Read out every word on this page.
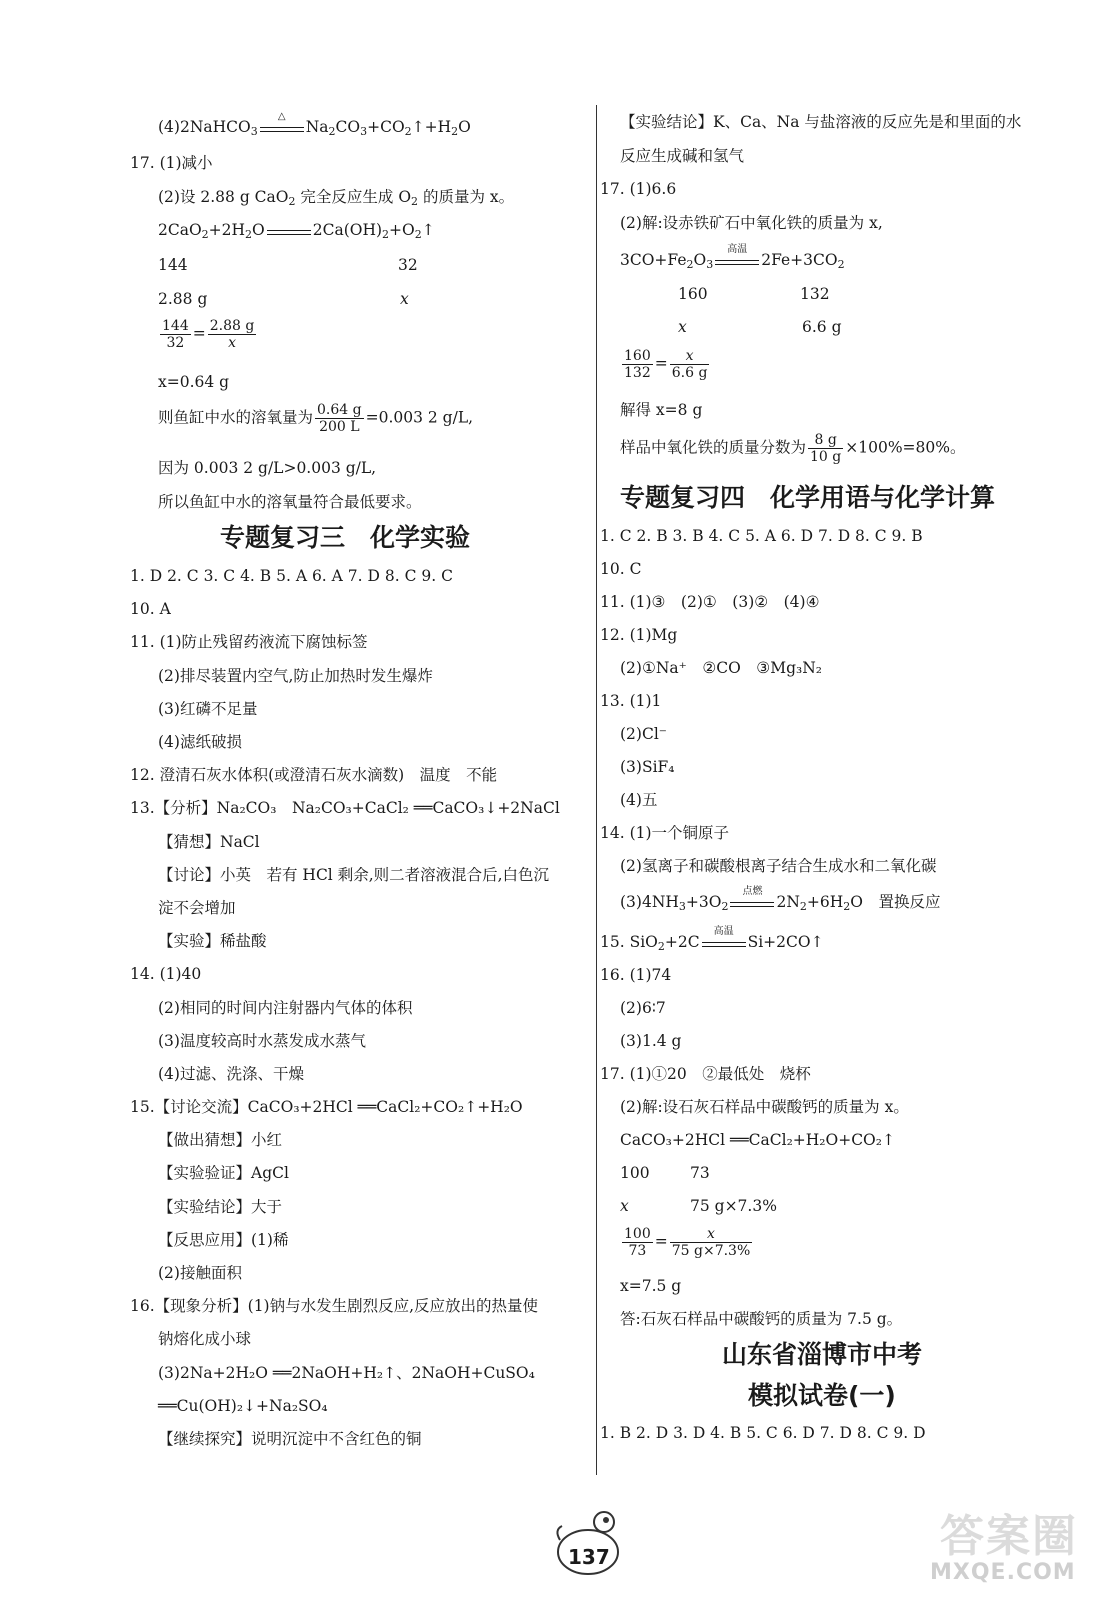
(4)2NaHCO$_3$
△
$Na_2CO_3+CO_2↑+H_2O$
17. (1)减小
(2)设 2.88 g CaO$_2$ 完全反应生成 $O_2$ 的质量为 x。
$2CaO_2+2H_2O$	$2Ca(OH)_2+O_2↑$
144	32
2.88 g	x
$\frac{144}{32} = \frac{2.88 g}{x}$
x=0.64 g
则鱼缸中水的溶氧量为 $\frac{0.64 g}{200 L} =0.003$ 2 g/L,
因为 0.003 2 g/L>0.003 g/L,
所以鱼缸中水的溶氧量符合最低要求。
专题复习三　化学实验
1. D 2. C 3. C 4. B 5. A 6. A 7. D 8. C 9. C
10. A
11. (1)防止残留药液流下腐蚀标签
(2)排尽装置内空气,防止加热时发生爆炸
(3)红磷不足量
(4)滤纸破损
12. 澄清石灰水体积(或澄清石灰水滴数)　温度　不能
13.【分析】Na₂CO₃　Na₂CO₃+CaCl₂ ══CaCO₃↓+2NaCl
【猜想】NaCl
【讨论】小英　若有 HCl 剩余,则二者溶液混合后,白色沉
淀不会增加
【实验】稀盐酸
14. (1)40
(2)相同的时间内注射器内气体的体积
(3)温度较高时水蒸发成水蒸气
(4)过滤、洗涤、干燥
15.【讨论交流】CaCO₃+2HCl ══CaCl₂+CO₂↑+H₂O
【做出猜想】小红
【实验验证】AgCl
【实验结论】大于
【反思应用】(1)稀
(2)接触面积
16.【现象分析】(1)钠与水发生剧烈反应,反应放出的热量使
钠熔化成小球
(3)2Na+2H₂O ══2NaOH+H₂↑、2NaOH+CuSO₄
══Cu(OH)₂↓+Na₂SO₄
【继续探究】说明沉淀中不含红色的铜
【实验结论】K、Ca、Na 与盐溶液的反应先是和里面的水
反应生成碱和氢气
17. (1)6.6
(2)解:设赤铁矿石中氧化铁的质量为 x,
$3CO+Fe_2O_3$
高温
$2Fe+3CO_2$
160	132
x	6.6 g
$\frac{160}{132} = \frac{x}{6.6 g}$
解得 x=8 g
样品中氧化铁的质量分数为 $\frac{8 g}{10 g} \times 100\%=80\%$。
专题复习四　化学用语与化学计算
1. C 2. B 3. B 4. C 5. A 6. D 7. D 8. C 9. B
10. C
11. (1)③　(2)①　(3)②　(4)④
12. (1)Mg
(2)①Na⁺　②CO　③Mg₃N₂
13. (1)1
(2)Cl⁻
(3)SiF₄
(4)五
14. (1)一个铜原子
(2)氢离子和碳酸根离子结合生成水和二氧化碳
$(3)4NH_3+3O_2$
点燃
$2N_2+6H_2O$　置换反应
15. SiO$_2$+2C
高温
Si+2CO↑
16. (1)74
(2)6∶7
(3)1.4 g
17. (1)①20　②最低处　烧杯
(2)解:设石灰石样品中碳酸钙的质量为 x。
CaCO₃+2HCl ══CaCl₂+H₂O+CO₂↑
100	73
x	75 g×7.3%
$\frac{100}{73} = \frac{x}{75 g\times 7.3\%}$
x=7.5 g
答:石灰石样品中碳酸钙的质量为 7.5 g。
山东省淄博市中考
模拟试卷(一)
1. B 2. D 3. D 4. B 5. C 6. D 7. D 8. C 9. D
137	答案圈
MXQE.COM
